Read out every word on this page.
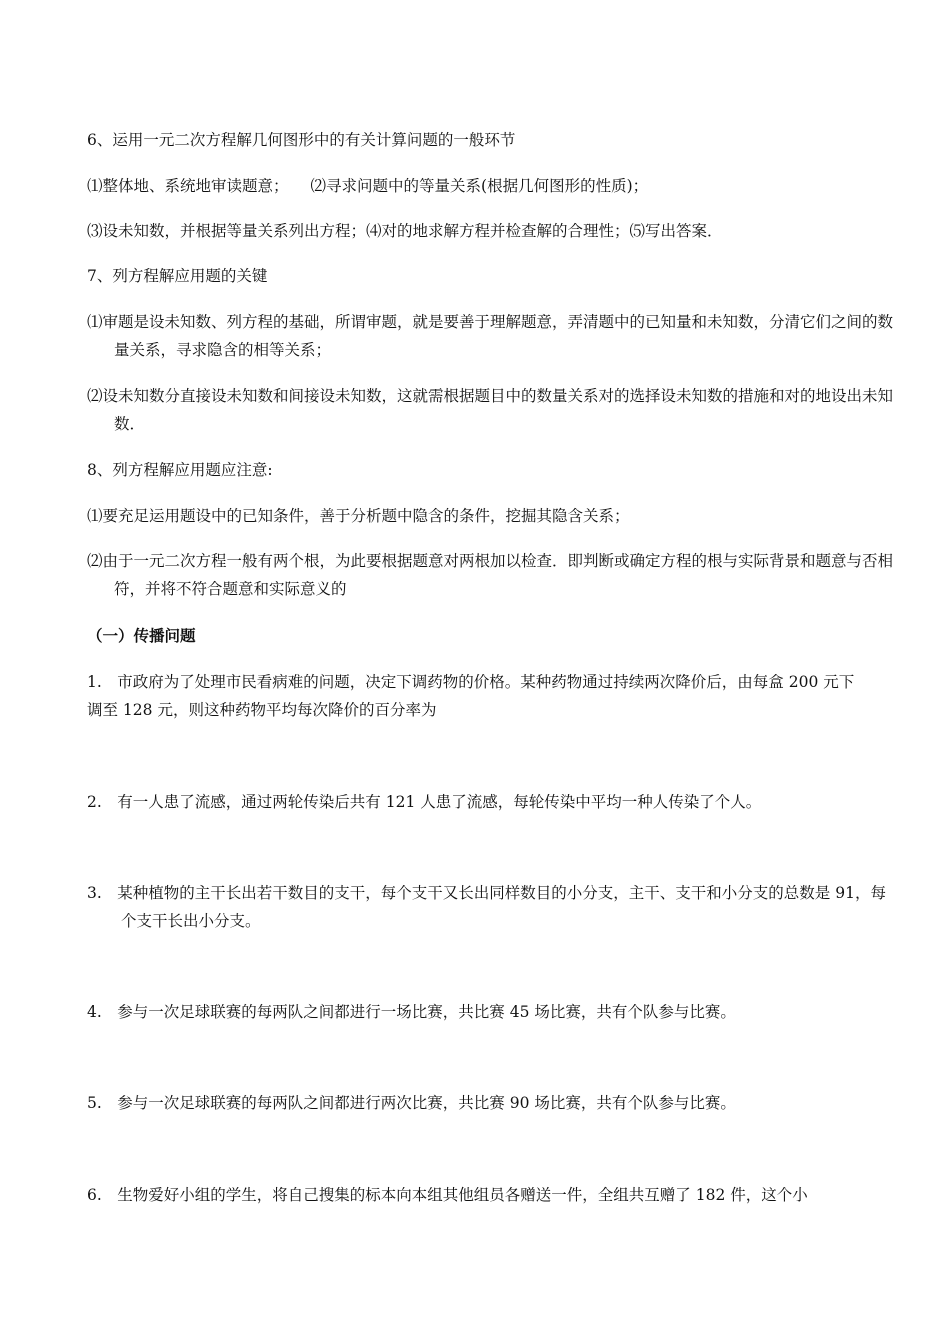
6、运用一元二次方程解几何图形中的有关计算问题的一般环节
⑴整体地、系统地审读题意； ⑵寻求问题中的等量关系(根据几何图形的性质)；
⑶设未知数，并根据等量关系列出方程；⑷对的地求解方程并检查解的合理性；⑸写出答案．
7、列方程解应用题的关键
⑴审题是设未知数、列方程的基础，所谓审题，就是要善于理解题意，弄清题中的已知量和未知数，分清它们之间的数量关系，寻求隐含的相等关系；
⑵设未知数分直接设未知数和间接设未知数，这就需根据题目中的数量关系对的选择设未知数的措施和对的地设出未知数．
8、列方程解应用题应注意:
⑴要充足运用题设中的已知条件，善于分析题中隐含的条件，挖掘其隐含关系；
⑵由于一元二次方程一般有两个根，为此要根据题意对两根加以检查．即判断或确定方程的根与实际背景和题意与否相符，并将不符合题意和实际意义的
（一）传播问题
1.　市政府为了处理市民看病难的问题，决定下调药物的价格。某种药物通过持续两次降价后，由每盒 200 元下调至 128 元，则这种药物平均每次降价的百分率为
2.　有一人患了流感，通过两轮传染后共有 121 人患了流感，每轮传染中平均一种人传染了个人。
3.　某种植物的主干长出若干数目的支干，每个支干又长出同样数目的小分支，主干、支干和小分支的总数是 91，每个支干长出小分支。
4.　参与一次足球联赛的每两队之间都进行一场比赛，共比赛 45 场比赛，共有个队参与比赛。
5.　参与一次足球联赛的每两队之间都进行两次比赛，共比赛 90 场比赛，共有个队参与比赛。
6.　生物爱好小组的学生，将自己搜集的标本向本组其他组员各赠送一件，全组共互赠了 182 件，这个小
